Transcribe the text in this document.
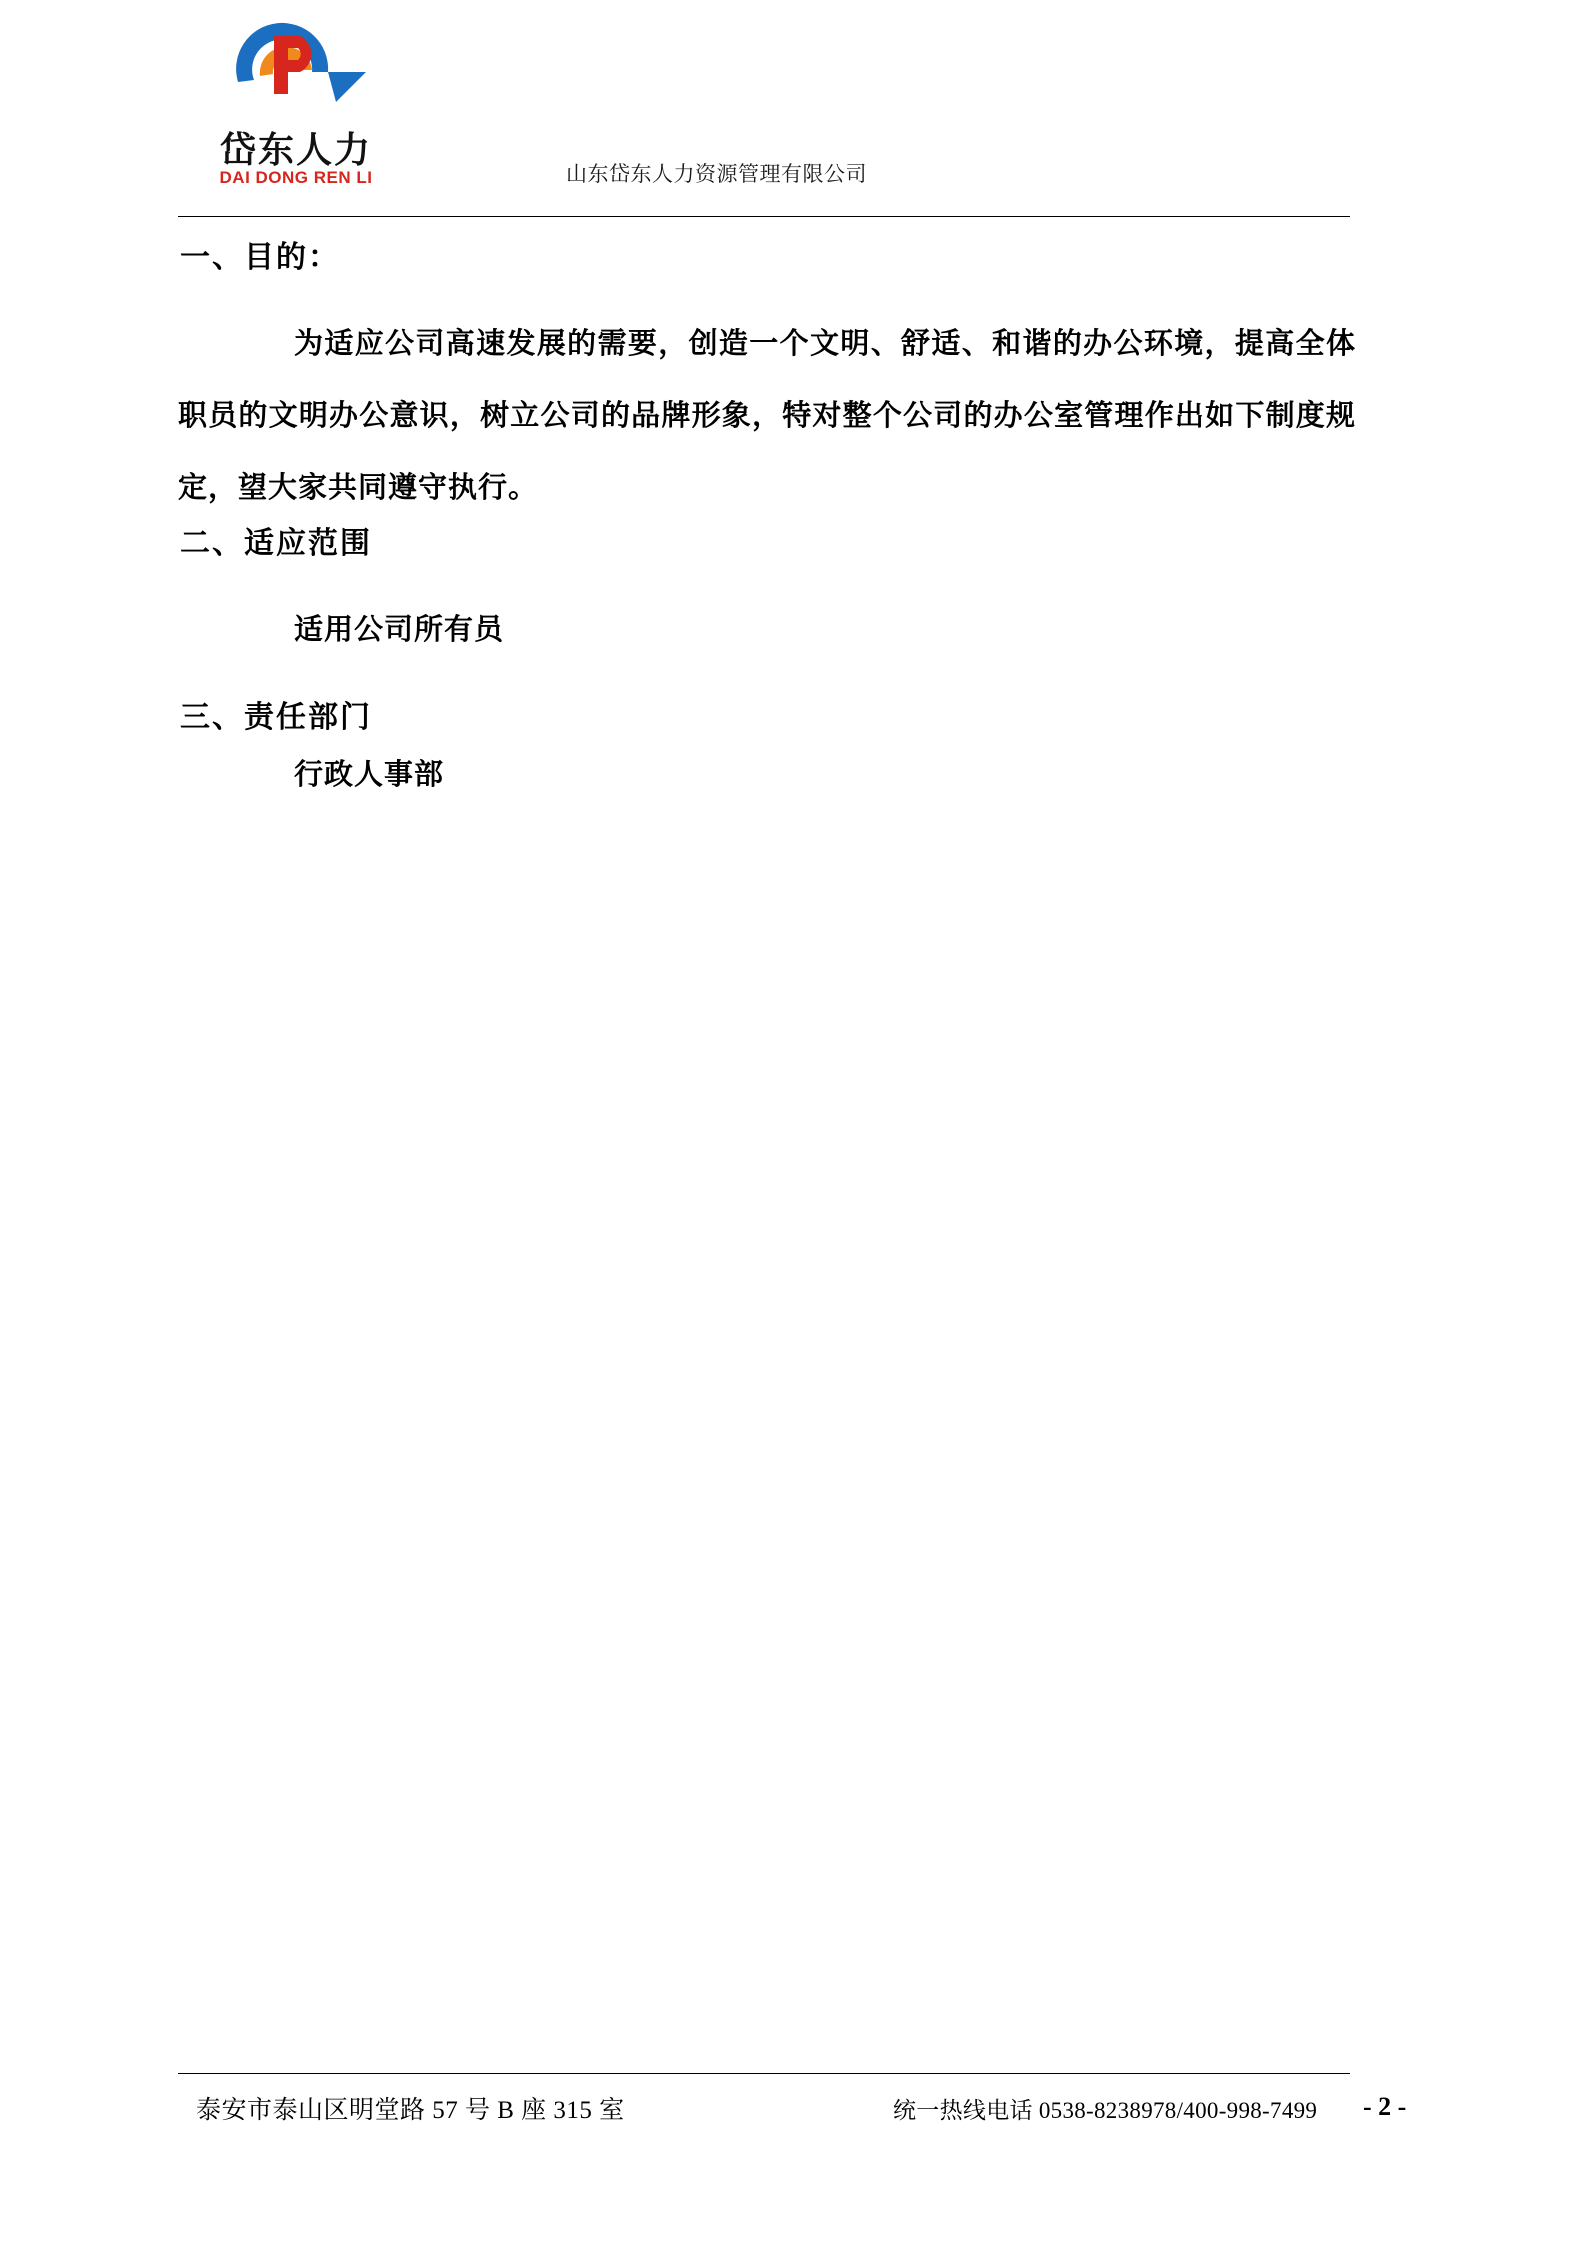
岱东人力
DAI DONG REN LI	山东岱东人力资源管理有限公司
一、目的：
为适应公司高速发展的需要，创造一个文明、舒适、和谐的办公环境，提高全体职员的文明办公意识，树立公司的品牌形象，特对整个公司的办公室管理作出如下制度规定，望大家共同遵守执行。
二、适应范围
适用公司所有员
三、责任部门
行政人事部
泰安市泰山区明堂路 57 号 B 座 315 室	统一热线电话 0538-8238978/400-998-7499 - 2 -
